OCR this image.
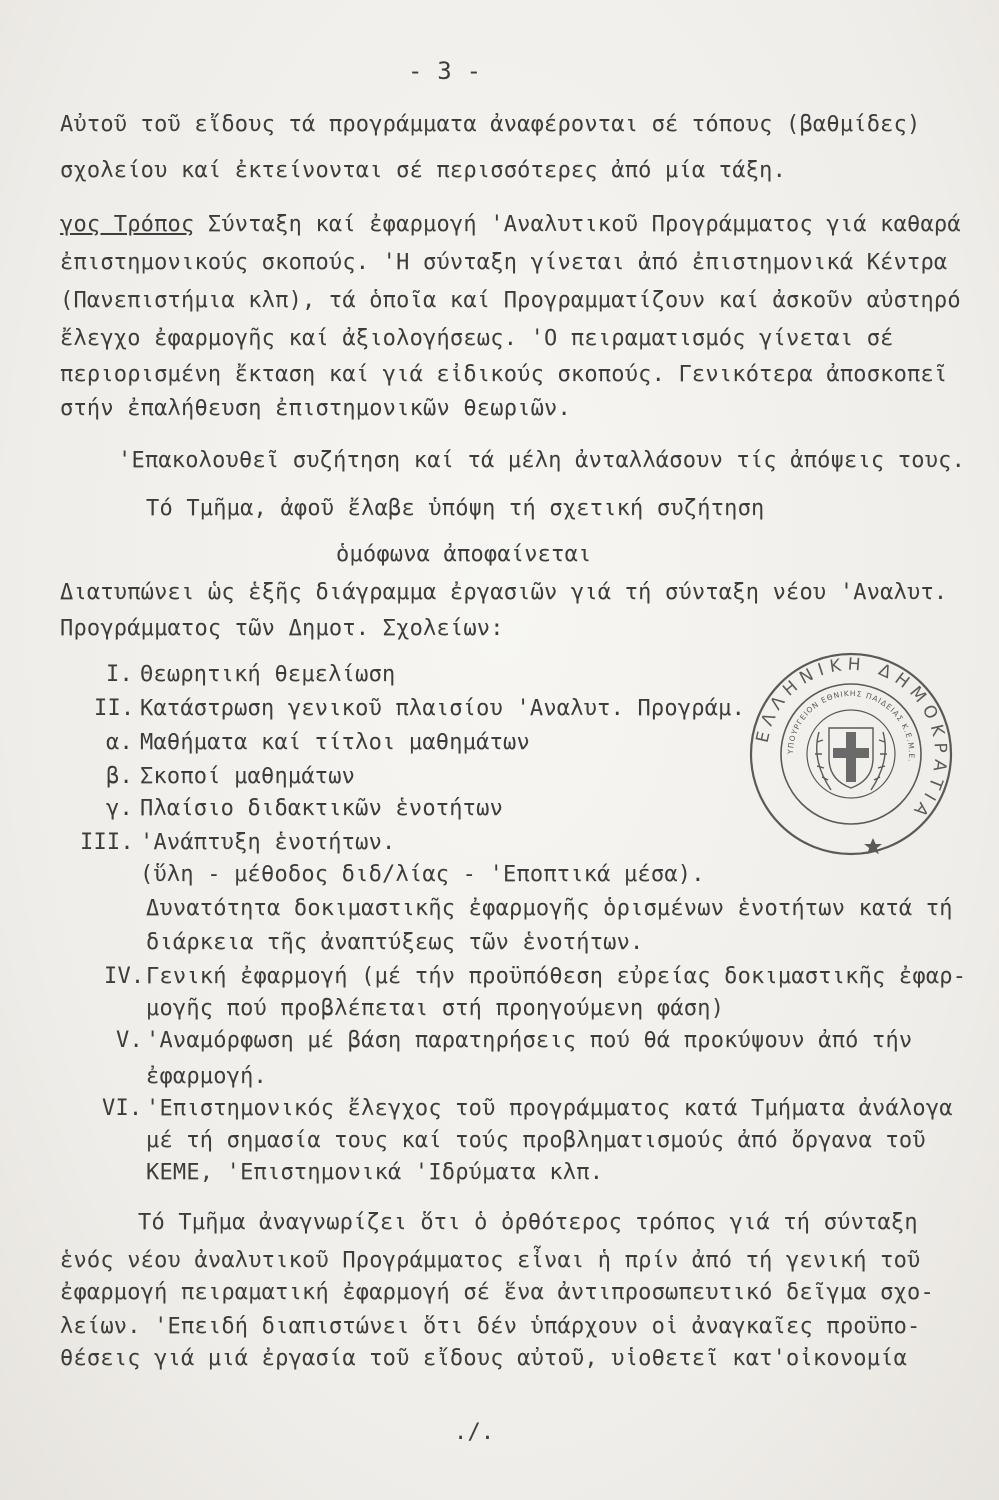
- 3 -
Αὐτοῦ τοῦ εἴδους τά προγράμματα ἀναφέρονται σέ τόπους (βαθμίδες)
σχολείου καί ἐκτείνονται σέ περισσότερες ἀπό μία τάξη.
γος Τρόπος Σύνταξη καί ἐφαρμογή 'Αναλυτικοῦ Προγράμματος γιά καθαρά
ἐπιστημονικούς σκοπούς. 'Η σύνταξη γίνεται ἀπό ἐπιστημονικά Κέντρα
(Πανεπιστήμια κλπ), τά ὁποῖα καί Προγραμματίζουν καί ἀσκοῦν αὐστηρό
ἔλεγχο ἐφαρμογῆς καί ἀξιολογήσεως. 'Ο πειραματισμός γίνεται σέ
περιορισμένη ἔκταση καί γιά εἰδικούς σκοπούς. Γενικότερα ἀποσκοπεῖ
στήν ἐπαλήθευση ἐπιστημονικῶν θεωριῶν.
'Επακολουθεῖ συζήτηση καί τά μέλη ἀνταλλάσουν τίς ἀπόψεις τους.
Τό Τμῆμα, ἀφοῦ ἔλαβε ὑπόψη τή σχετική συζήτηση
ὁμόφωνα ἀποφαίνεται
Διατυπώνει ὡς ἑξῆς διάγραμμα ἐργασιῶν γιά τή σύνταξη νέου 'Αναλυτ.
Προγράμματος τῶν Δημοτ. Σχολείων:
I. Θεωρητική θεμελίωση
II. Κατάστρωση γενικοῦ πλαισίου 'Αναλυτ. Προγράμ.
α. Μαθήματα καί τίτλοι μαθημάτων
β. Σκοποί μαθημάτων
γ. Πλαίσιο διδακτικῶν ἑνοτήτων
III. 'Ανάπτυξη ἑνοτήτων.
(ὕλη - μέθοδος διδ/λίας - 'Εποπτικά μέσα).
Δυνατότητα δοκιμαστικῆς ἐφαρμογῆς ὁρισμένων ἑνοτήτων κατά τή
διάρκεια τῆς ἀναπτύξεως τῶν ἑνοτήτων.
IV. Γενική ἐφαρμογή (μέ τήν προϋπόθεση εὐρείας δοκιμαστικῆς ἐφαρ-
μογῆς πού προβλέπεται στή προηγούμενη φάση)
V. 'Αναμόρφωση μέ βάση παρατηρήσεις πού θά προκύψουν ἀπό τήν
ἐφαρμογή.
VI. 'Επιστημονικός ἔλεγχος τοῦ προγράμματος κατά Τμήματα ἀνάλογα
μέ τή σημασία τους καί τούς προβληματισμούς ἀπό ὄργανα τοῦ
ΚΕΜΕ, 'Επιστημονικά 'Ιδρύματα κλπ.
Τό Τμῆμα ἀναγνωρίζει ὅτι ὁ ὀρθότερος τρόπος γιά τή σύνταξη
ἑνός νέου ἀναλυτικοῦ Προγράμματος εἶναι ἡ πρίν ἀπό τή γενική τοῦ
ἐφαρμογή πειραματική ἐφαρμογή σέ ἕνα ἀντιπροσωπευτικό δεῖγμα σχο-
λείων. 'Επειδή διαπιστώνει ὅτι δέν ὑπάρχουν οἱ ἀναγκαῖες προϋπο-
θέσεις γιά μιά ἐργασία τοῦ εἴδους αὐτοῦ, υἱοθετεῖ κατ'οἰκονομία
./.
ΕΛΛΗΝΙΚΗ ΔΗΜΟΚΡΑΤΙΑ
ΥΠΟΥΡΓΕΙΟΝ ΕΘΝΙΚΗΣ ΠΑΙΔΕΙΑΣ Κ.Ε.Μ.Ε.
